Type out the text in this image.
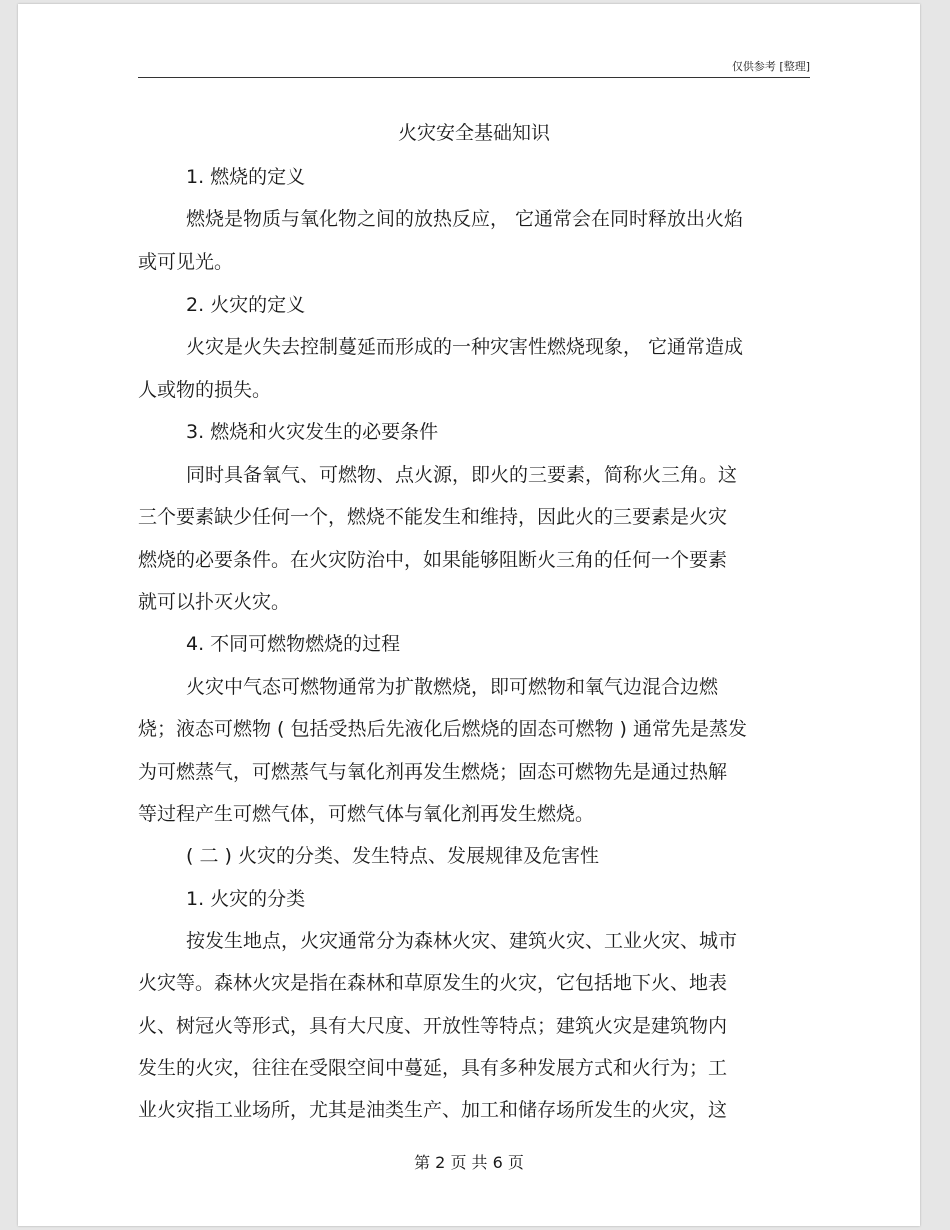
仅供参考 [整理]
火灾安全基础知识
1. 燃烧的定义
燃烧是物质与氧化物之间的放热反应， 它通常会在同时释放出火焰
或可见光。
2. 火灾的定义
火灾是火失去控制蔓延而形成的一种灾害性燃烧现象， 它通常造成
人或物的损失。
3. 燃烧和火灾发生的必要条件
同时具备氧气、可燃物、点火源，即火的三要素，简称火三角。这
三个要素缺少任何一个，燃烧不能发生和维持，因此火的三要素是火灾
燃烧的必要条件。在火灾防治中，如果能够阻断火三角的任何一个要素
就可以扑灭火灾。
4. 不同可燃物燃烧的过程
火灾中气态可燃物通常为扩散燃烧，即可燃物和氧气边混合边燃
烧；液态可燃物 ( 包括受热后先液化后燃烧的固态可燃物 ) 通常先是蒸发
为可燃蒸气，可燃蒸气与氧化剂再发生燃烧；固态可燃物先是通过热解
等过程产生可燃气体，可燃气体与氧化剂再发生燃烧。
( 二 ) 火灾的分类、发生特点、发展规律及危害性
1. 火灾的分类
按发生地点，火灾通常分为森林火灾、建筑火灾、工业火灾、城市
火灾等。森林火灾是指在森林和草原发生的火灾，它包括地下火、地表
火、树冠火等形式，具有大尺度、开放性等特点；建筑火灾是建筑物内
发生的火灾，往往在受限空间中蔓延，具有多种发展方式和火行为；工
业火灾指工业场所，尤其是油类生产、加工和储存场所发生的火灾，这
第 2 页 共 6 页
